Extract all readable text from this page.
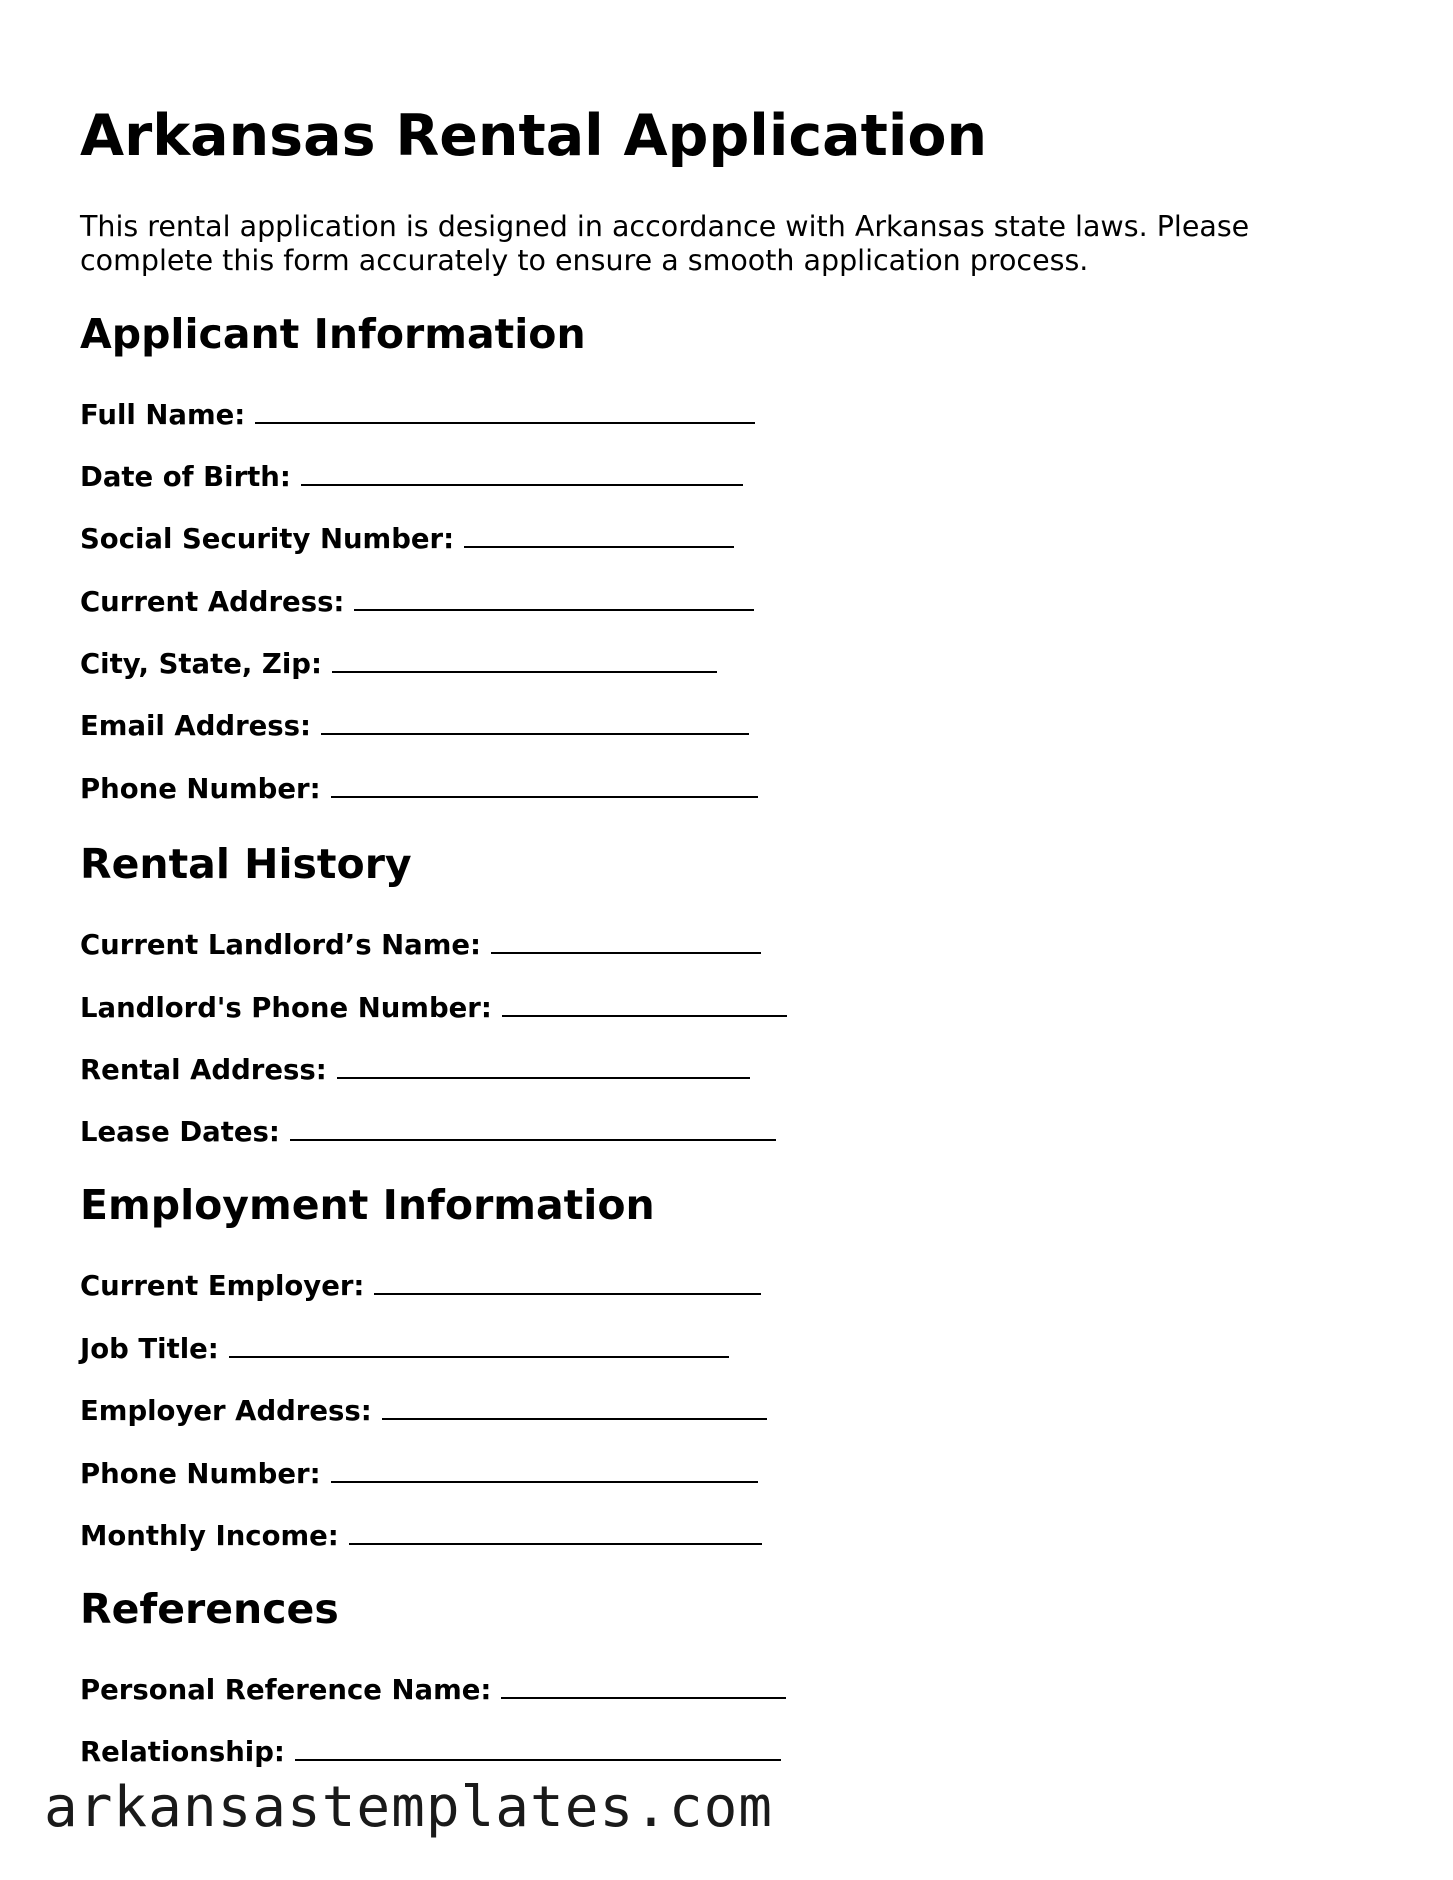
Arkansas Rental Application

This rental application is designed in accordance with Arkansas state laws. Please complete this form accurately to ensure a smooth application process.

Applicant Information
Full Name:
Date of Birth:
Social Security Number:
Current Address:
City, State, Zip:
Email Address:
Phone Number:
Rental History
Current Landlord’s Name:
Landlord's Phone Number:
Rental Address:
Lease Dates:
Employment Information
Current Employer:
Job Title:
Employer Address:
Phone Number:
Monthly Income:
References
Personal Reference Name:
Relationship:
arkansastemplates.com
